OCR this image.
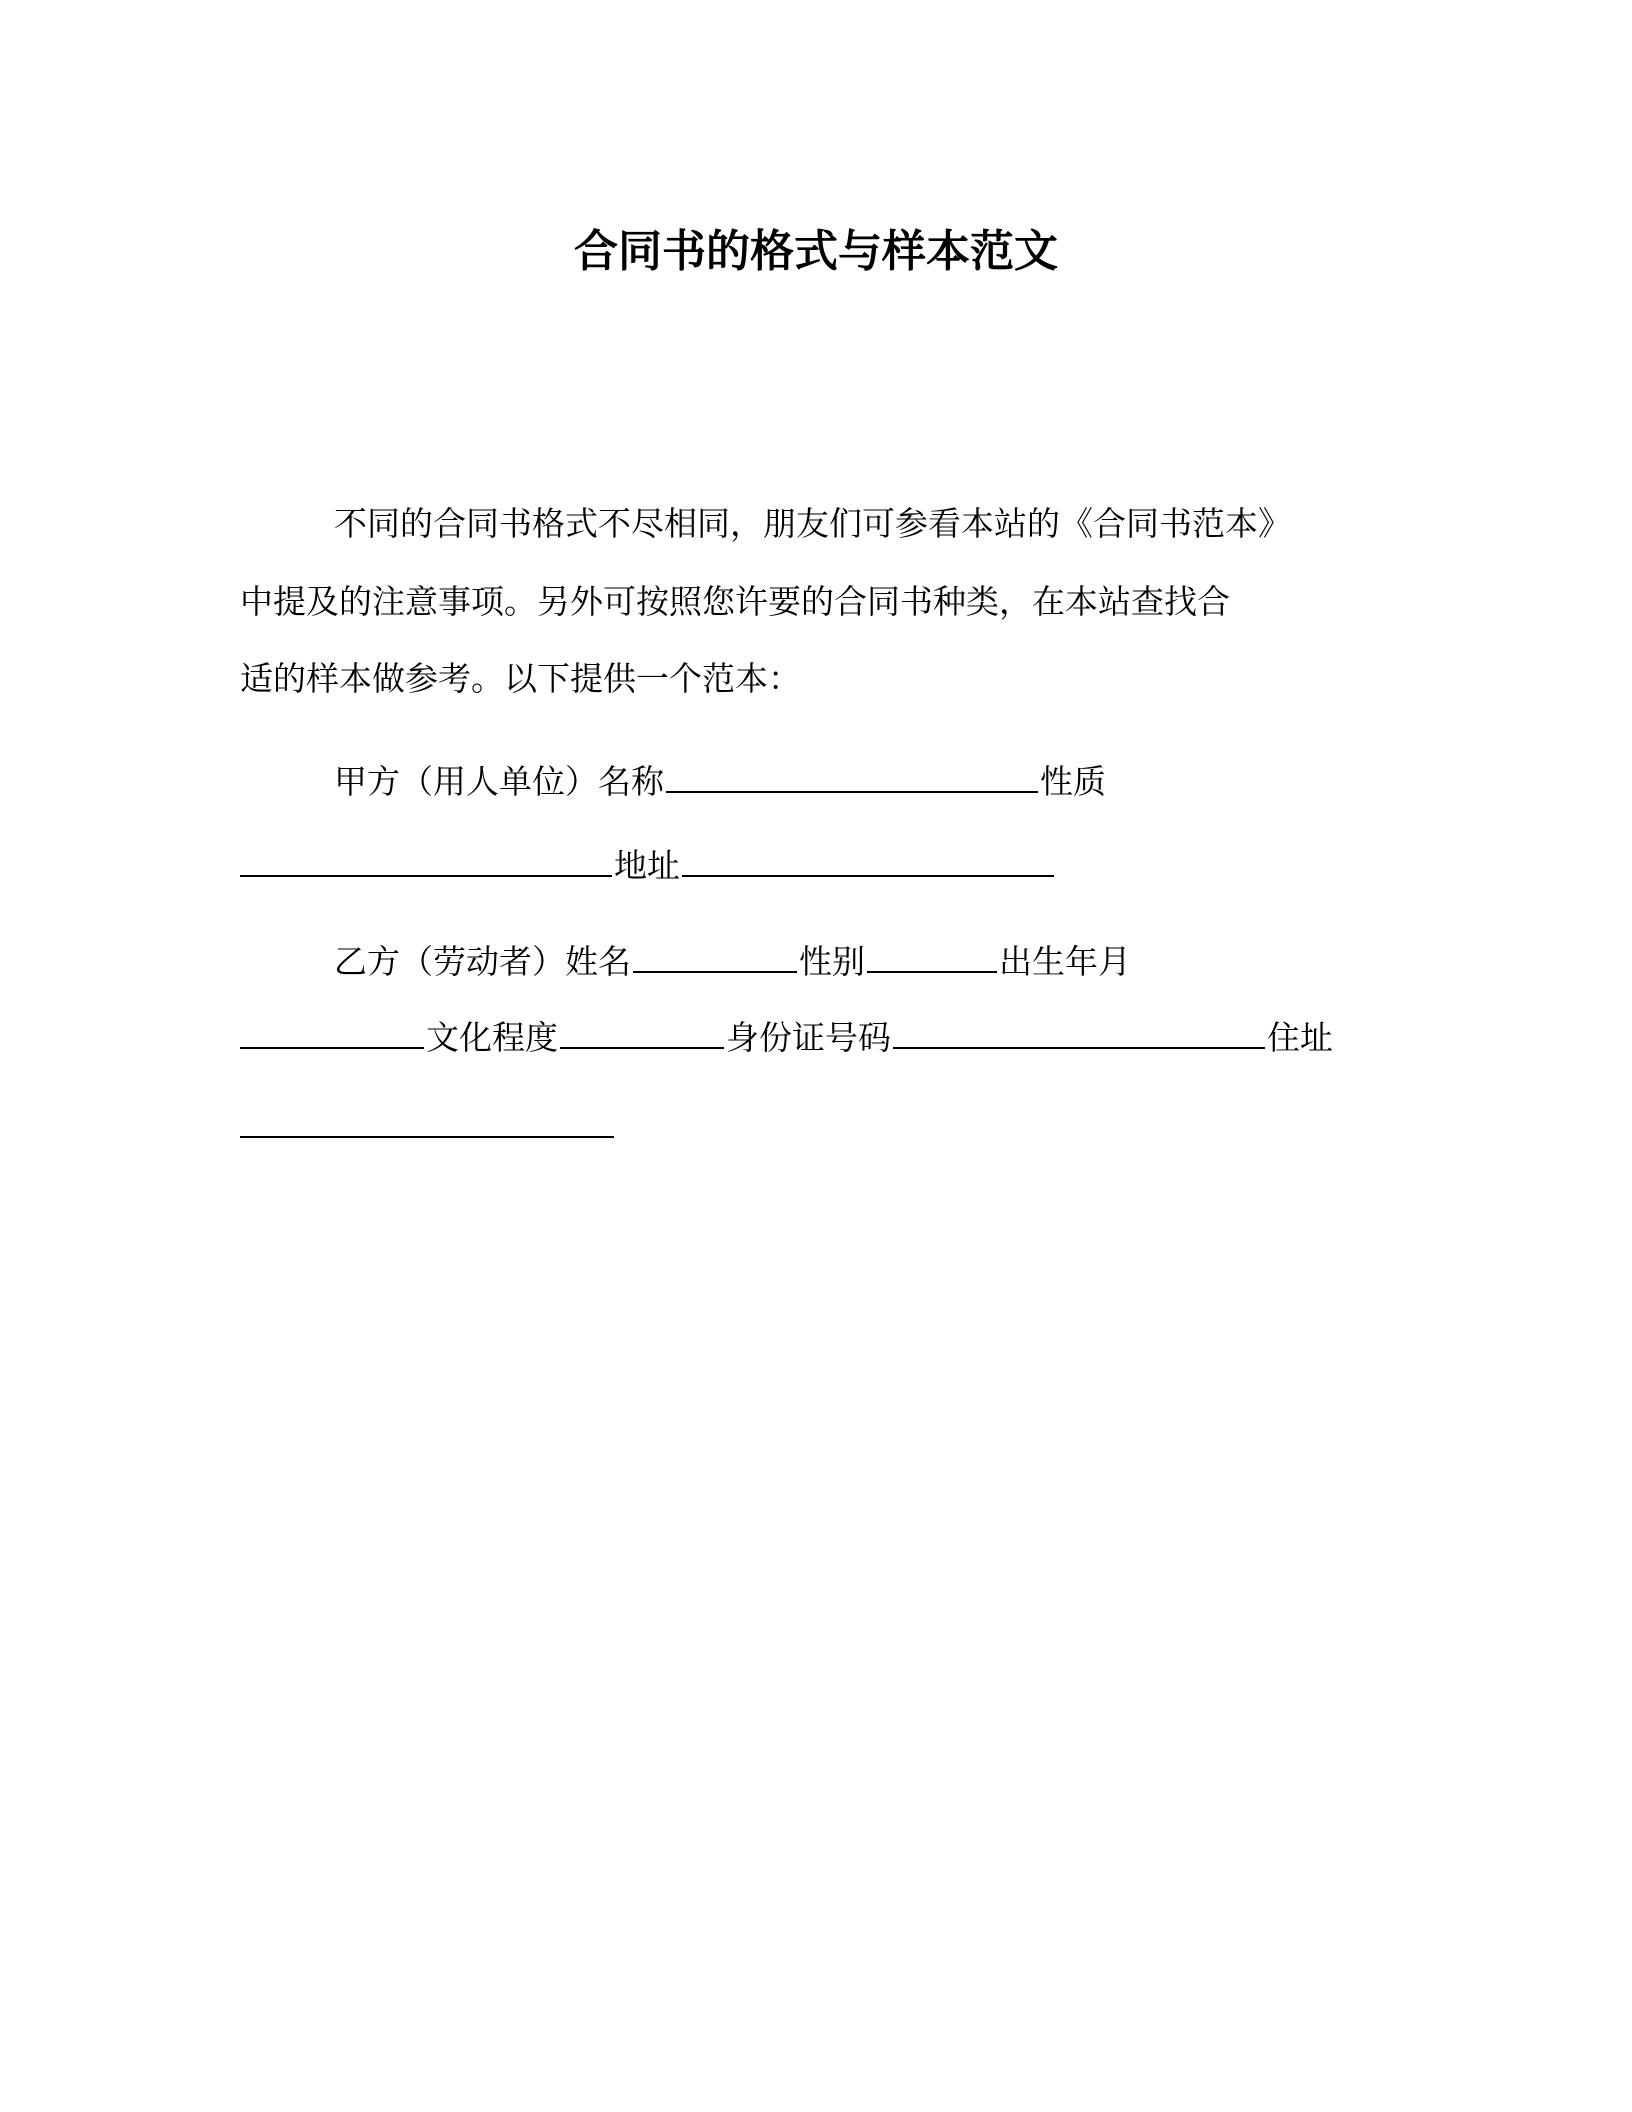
合同书的格式与样本范文
不同的合同书格式不尽相同，朋友们可参看本站的《合同书范本》
中提及的注意事项。另外可按照您许要的合同书种类，在本站查找合
适的样本做参考。以下提供一个范本：
甲方（用人单位）名称	性质
地址
乙方（劳动者）姓名	性别	出生年月
文化程度	身份证号码	住址
